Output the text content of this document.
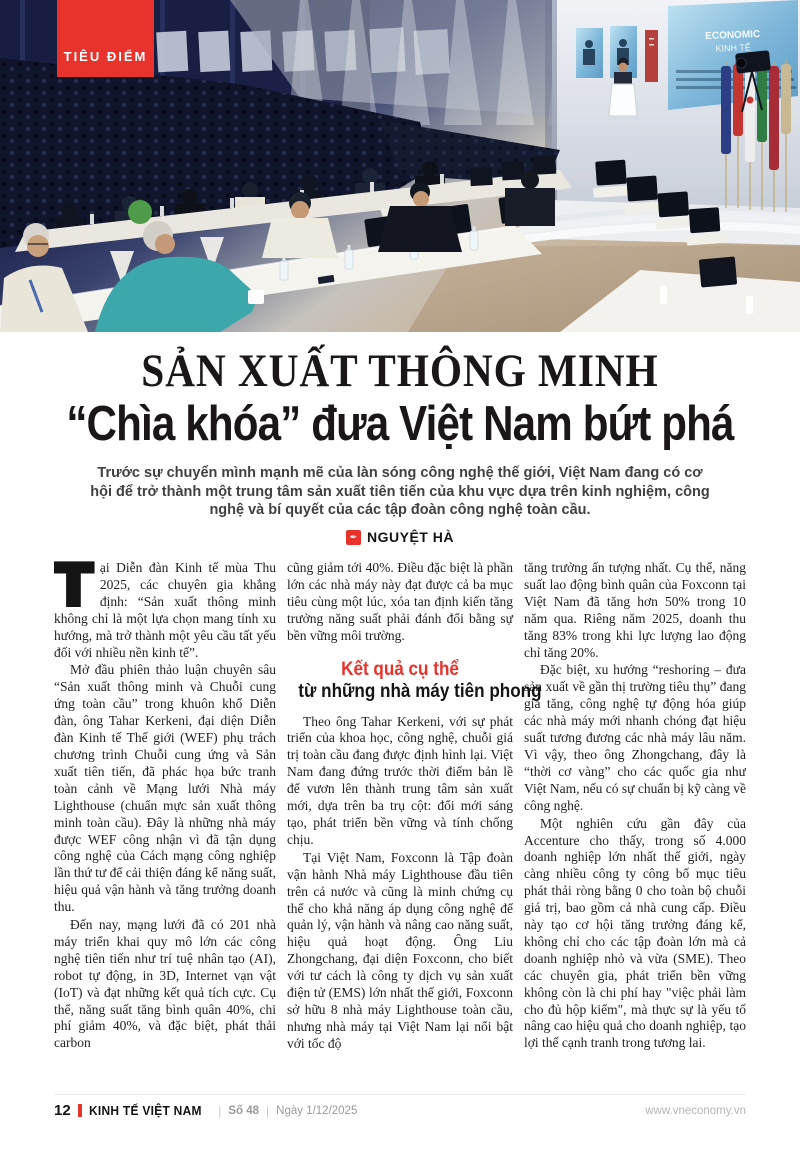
ECONOMIC
KINH TẾ
TIÊU ĐIỂM
SẢN XUẤT THÔNG MINH
“Chìa khóa” đưa Việt Nam bứt phá

Trước sự chuyển mình mạnh mẽ của làn sóng công nghệ thế giới, Việt Nam đang có cơ hội để trở thành một trung tâm sản xuất tiên tiến của khu vực dựa trên kinh nghiệm, công nghệ và bí quyết của các tập đoàn công nghệ toàn cầu.

✒ NGUYỆT HÀ

Tại Diễn đàn Kinh tế mùa Thu 2025, các chuyên gia khẳng định: “Sản xuất thông minh không chỉ là một lựa chọn mang tính xu hướng, mà trở thành một yêu cầu tất yếu đối với nhiều nền kinh tế”.

Mở đầu phiên thảo luận chuyên sâu “Sản xuất thông minh và Chuỗi cung ứng toàn cầu” trong khuôn khổ Diễn đàn, ông Tahar Kerkeni, đại diện Diễn đàn Kinh tế Thế giới (WEF) phụ trách chương trình Chuỗi cung ứng và Sản xuất tiên tiến, đã phác họa bức tranh toàn cảnh về Mạng lưới Nhà máy Lighthouse (chuẩn mực sản xuất thông minh toàn cầu). Đây là những nhà máy được WEF công nhận vì đã tận dụng công nghệ của Cách mạng công nghiệp lần thứ tư để cải thiện đáng kể năng suất, hiệu quả vận hành và tăng trưởng doanh thu.

Đến nay, mạng lưới đã có 201 nhà máy triển khai quy mô lớn các công nghệ tiên tiến như trí tuệ nhân tạo (AI), robot tự động, in 3D, Internet vạn vật (IoT) và đạt những kết quả tích cực. Cụ thể, năng suất tăng bình quân 40%, chi phí giảm 40%, và đặc biệt, phát thải carbon

cũng giảm tới 40%. Điều đặc biệt là phần lớn các nhà máy này đạt được cả ba mục tiêu cùng một lúc, xóa tan định kiến tăng trưởng năng suất phải đánh đổi bằng sự bền vững môi trường.

Kết quả cụ thể
từ những nhà máy tiên phong

Theo ông Tahar Kerkeni, với sự phát triển của khoa học, công nghệ, chuỗi giá trị toàn cầu đang được định hình lại. Việt Nam đang đứng trước thời điểm bản lề để vươn lên thành trung tâm sản xuất mới, dựa trên ba trụ cột: đổi mới sáng tạo, phát triển bền vững và tính chống chịu.

Tại Việt Nam, Foxconn là Tập đoàn vận hành Nhà máy Lighthouse đầu tiên trên cả nước và cũng là minh chứng cụ thể cho khả năng áp dụng công nghệ để quản lý, vận hành và nâng cao năng suất, hiệu quả hoạt động. Ông Liu Zhongchang, đại diện Foxconn, cho biết với tư cách là công ty dịch vụ sản xuất điện tử (EMS) lớn nhất thế giới, Foxconn sở hữu 8 nhà máy Lighthouse toàn cầu, nhưng nhà máy tại Việt Nam lại nổi bật với tốc độ

tăng trưởng ấn tượng nhất. Cụ thể, năng suất lao động bình quân của Foxconn tại Việt Nam đã tăng hơn 50% trong 10 năm qua. Riêng năm 2025, doanh thu tăng 83% trong khi lực lượng lao động chỉ tăng 20%.

Đặc biệt, xu hướng “reshoring – đưa sản xuất về gần thị trường tiêu thụ” đang gia tăng, công nghệ tự động hóa giúp các nhà máy mới nhanh chóng đạt hiệu suất tương đương các nhà máy lâu năm. Vì vậy, theo ông Zhongchang, đây là “thời cơ vàng” cho các quốc gia như Việt Nam, nếu có sự chuẩn bị kỹ càng về công nghệ.

Một nghiên cứu gần đây của Accenture cho thấy, trong số 4.000 doanh nghiệp lớn nhất thế giới, ngày càng nhiều công ty công bố mục tiêu phát thải ròng bằng 0 cho toàn bộ chuỗi giá trị, bao gồm cả nhà cung cấp. Điều này tạo cơ hội tăng trưởng đáng kể, không chỉ cho các tập đoàn lớn mà cả doanh nghiệp nhỏ và vừa (SME). Theo các chuyên gia, phát triển bền vững không còn là chi phí hay "việc phải làm cho đủ hộp kiểm", mà thực sự là yếu tố nâng cao hiệu quả cho doanh nghiệp, tạo lợi thế cạnh tranh trong tương lai.

12 KINH TẾ VIỆT NAM | Số 48 | Ngày 1/12/2025	www.vneconomy.vn
